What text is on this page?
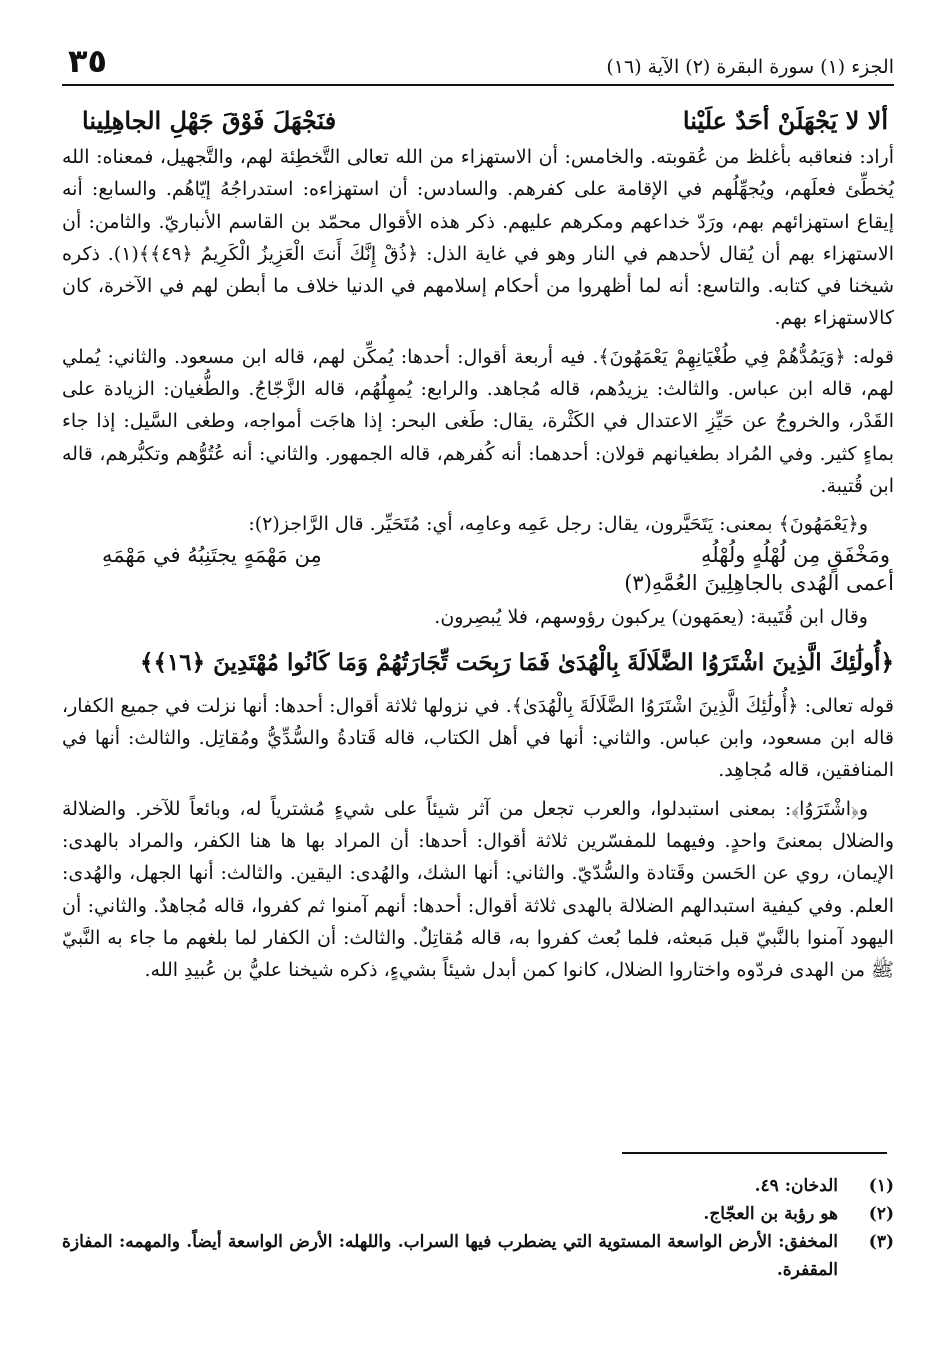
الجزء (١) سورة البقرة (٢) الآية (١٦)
٣٥
ألا لا يَجْهَلَنْ أحَدٌ علَيْنا
فنَجْهَلَ فَوْقَ جَهْلِ الجاهِلِينا

أراد: فنعاقبه بأغلظ من عُقوبته. والخامس: أن الاستهزاء من الله تعالى التَّخطِئة لهم، والتَّجهيل، فمعناه: الله يُخطِّئ فعلَهم، ويُجهِّلُهم في الإقامة على كفرهم. والسادس: أن استهزاءه: استدراجُهُ إيّاهُم. والسابع: أنه إيقاع استهزائهم بهم، ورَدّ خداعهم ومكرهم عليهم. ذكر هذه الأقوال محمّد بن القاسم الأنباريّ. والثامن: أن الاستهزاء بهم أن يُقال لأحدهم في النار وهو في غاية الذل: ﴿ذُقْ إِنَّكَ أَنتَ الْعَزِيزُ الْكَرِيمُ ﴿٤٩﴾﴾(١). ذكره شيخنا في كتابه. والتاسع: أنه لما أظهروا من أحكام إسلامهم في الدنيا خلاف ما أبطن لهم في الآخرة، كان كالاستهزاء بهم.

قوله: ﴿وَيَمُدُّهُمْ فِي طُغْيَانِهِمْ يَعْمَهُونَ﴾. فيه أربعة أقوال: أحدها: يُمكِّن لهم، قاله ابن مسعود. والثاني: يُملي لهم، قاله ابن عباس. والثالث: يزيدُهم، قاله مُجاهد. والرابع: يُمهِلُهُم، قاله الزَّجّاجُ. والطُّغيان: الزيادة على القَدْر، والخروجُ عن حَيِّزِ الاعتدال في الكَثْرة، يقال: طَغى البحر: إذا هاجَت أمواجه، وطغى السَّيل: إذا جاء بماءٍ كثير. وفي المُراد بطغيانهم قولان: أحدهما: أنه كُفرهم، قاله الجمهور. والثاني: أنه عُتُوُّهم وتكبُّرهم، قاله ابن قُتيبة.

و﴿يَعْمَهُونَ﴾ بمعنى: يَتَحَيَّرون، يقال: رجل عَمِه وعامِه، أي: مُتَحَيِّر. قال الرَّاجز(٢):

ومَخْفَقٍ مِن لُهْلُهٍ ولُهْلُهِ
مِن مَهْمَهٍ يجتَنِبُهُ في مَهْمَهِ
أعمى الهُدى بالجاهِلِينَ العُمَّهِ(٣)

وقال ابن قُتَيبة: (يعمَهون) يركبون رؤوسهم، فلا يُبصِرون.

﴿أُولَٰئِكَ الَّذِينَ اشْتَرَوُا الضَّلَالَةَ بِالْهُدَىٰ فَمَا رَبِحَت تِّجَارَتُهُمْ وَمَا كَانُوا مُهْتَدِينَ ﴿١٦﴾﴾

قوله تعالى: ﴿أُولَٰئِكَ الَّذِينَ اشْتَرَوُا الضَّلَالَةَ بِالْهُدَىٰ﴾. في نزولها ثلاثة أقوال: أحدها: أنها نزلت في جميع الكفار، قاله ابن مسعود، وابن عباس. والثاني: أنها في أهل الكتاب، قاله قَتادةُ والسُّدِّيُّ ومُقاتِل. والثالث: أنها في المنافقين، قاله مُجاهِد.

و﴿اشْتَرَوُا﴾: بمعنى استبدلوا، والعرب تجعل من آثر شيئاً على شيءٍ مُشترياً له، وبائعاً للآخر. والضلالة والضلال بمعنىً واحدٍ. وفيهما للمفسّرين ثلاثة أقوال: أحدها: أن المراد بها ها هنا الكفر، والمراد بالهدى: الإيمان، روي عن الحَسن وقَتادة والسُّدّيّ. والثاني: أنها الشك، والهُدى: اليقين. والثالث: أنها الجهل، والهُدى: العلم. وفي كيفية استبدالهم الضلالة بالهدى ثلاثة أقوال: أحدها: أنهم آمنوا ثم كفروا، قاله مُجاهدٌ. والثاني: أن اليهود آمنوا بالنَّبيّ قبل مَبعثه، فلما بُعث كفروا به، قاله مُقاتِلٌ. والثالث: أن الكفار لما بلغهم ما جاء به النَّبيّ ﷺ من الهدى فردّوه واختاروا الضلال، كانوا كمن أبدل شيئاً بشيءٍ، ذكره شيخنا عليُّ بن عُبيدِ الله.

(١)
الدخان: ٤٩.
(٢)
هو رؤبة بن العجّاج.
(٣)
المخفق: الأرض الواسعة المستوية التي يضطرب فيها السراب. واللهله: الأرض الواسعة أيضاً. والمهمه: المفازة المقفرة.
